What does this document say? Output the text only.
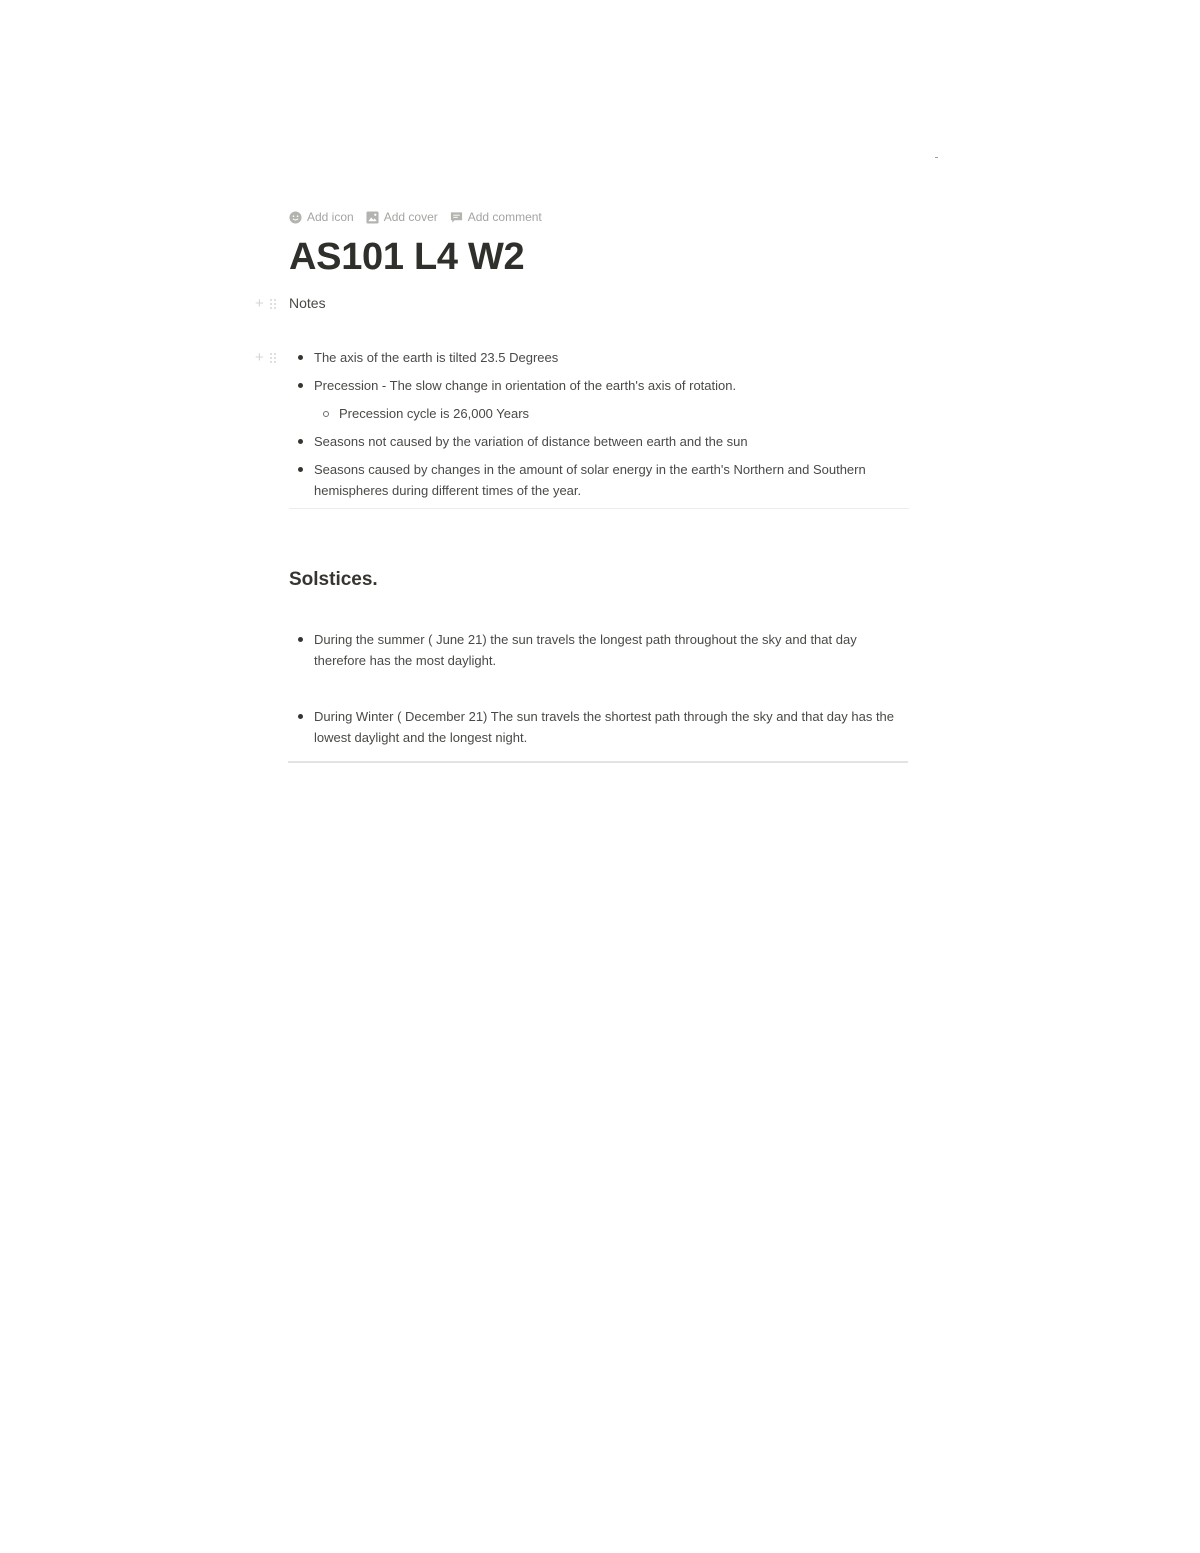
Add icon	Add cover	Add comment
AS101 L4 W2
+ Notes
+	The axis of the earth is tilted 23.5 Degrees
Precession - The slow change in orientation of the earth's axis of rotation.
Precession cycle is 26,000 Years
Seasons not caused by the variation of distance between earth and the sun
Seasons caused by changes in the amount of solar energy in the earth's Northern and Southern hemispheres during different times of the year.
Solstices.
During the summer ( June 21) the sun travels the longest path throughout the sky and that day therefore has the most daylight.
During Winter ( December 21) The sun travels the shortest path through the sky and that day has the lowest daylight and the longest night.
